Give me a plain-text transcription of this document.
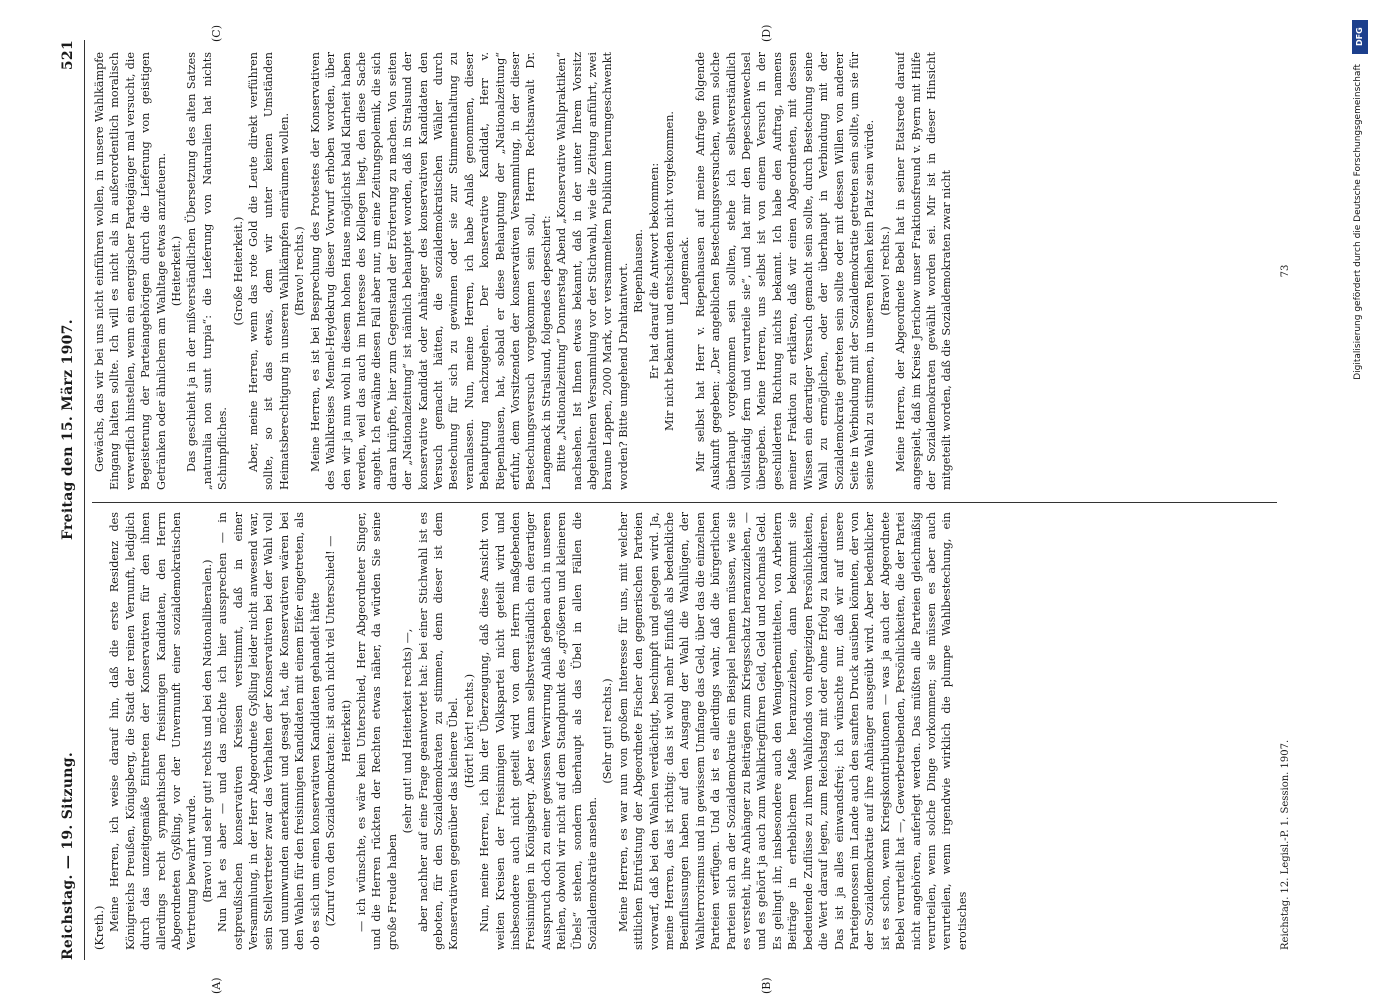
Reichstag. — 19. Sitzung.
Freitag den 15. März 1907.
521
(A)	(B)
(C)	(D)

(Kreth.) Meine Herren, ich weise darauf hin, daß die erste Residenz des Königreichs Preußen, Königsberg, die Stadt der reinen Vernunft, lediglich durch das unzeitgemäße Eintreten der Konservativen für den ihnen allerdings recht sympathischen freisinnigen Kandidaten, den Herrn Abgeordneten Gyßling, vor der Unvernunft einer sozialdemokratischen Vertretung bewahrt wurde. (Bravo! und sehr gut! rechts und bei den Nationalliberalen.) Nun hat es aber — und das möchte ich hier aussprechen — in ostpreußischen konservativen Kreisen verstimmt, daß in einer Versammlung, in der Herr Abgeordnete Gyßling leider nicht anwesend war, sein Stellvertreter zwar das Verhalten der Konservativen bei der Wahl voll und unumwunden anerkannt und gesagt hat, die Konservativen wären bei den Wahlen für den freisinnigen Kandidaten mit einem Eifer eingetreten, als ob es sich um einen konservativen Kandidaten gehandelt hätte (Zuruf von den Sozialdemokraten: ist auch nicht viel Unterschied! — Heiterkeit) — ich wünschte, es wäre kein Unterschied, Herr Abgeordneter Singer, und die Herren rückten der Rechten etwas näher, da würden Sie seine große Freude haben

(sehr gut! und Heiterkeit rechts) —, aber nachher auf eine Frage geantwortet hat: bei einer Stichwahl ist es geboten, für den Sozialdemokraten zu stimmen, denn dieser ist dem Konservativen gegenüber das kleinere Übel. (Hört! hört! rechts.) Nun, meine Herren, ich bin der Überzeugung, daß diese Ansicht von weiten Kreisen der Freisinnigen Volkspartei nicht geteilt wird und insbesondere auch nicht geteilt wird von dem Herrn maßgebenden Freisinnigen in Königsberg. Aber es kann selbstverständlich ein derartiger Ausspruch doch zu einer gewissen Verwirrung Anlaß geben auch in unseren Reihen, obwohl wir nicht auf dem Standpunkt des „größeren und kleineren Übels“ stehen, sondern überhaupt als das Übel in allen Fällen die Sozialdemokratie ansehen.

(Sehr gut! rechts.) Meine Herren, es war nun von großem Interesse für uns, mit welcher sittlichen Entrüstung der Abgeordnete Fischer den gegnerischen Parteien vorwarf, daß bei den Wahlen verdächtigt, beschimpft und gelogen wird. Ja, meine Herren, das ist richtig: das ist wohl mehr Einfluß als bedenkliche Beeinflussungen haben auf den Ausgang der Wahl die Wahllügen, der Wahlterrorismus und in gewissem Umfange das Geld, über das die einzelnen Parteien verfügen. Und da ist es allerdings wahr, daß die bürgerlichen Parteien sich an der Sozialdemokratie ein Beispiel nehmen müssen, wie sie es versteht, ihre Anhänger zu Beiträgen zum Kriegsschatz heranzuziehen, — und es gehört ja auch zum Wahlkriegführen Geld, Geld und nochmals Geld. Es gelingt ihr, insbesondere auch den Wenigerbemittelten, von Arbeitern Beiträge in erheblichem Maße heranzuziehen, dann bekommt sie bedeutende Zuflüsse zu ihrem Wahlfonds von ehrgeizigen Persönlichkeiten, die Wert darauf legen, zum Reichstag mit oder ohne Erfolg zu kandidieren. Das ist ja alles einwandsfrei; ich wünschte nur, daß wir auf unsere Parteigenossen im Lande auch den sanften Druck ausüben könnten, der von der Sozialdemokratie auf ihre Anhänger ausgeübt wird. Aber bedenklicher ist es schon, wenn Kriegskontributionen — was ja auch der Abgeordnete Bebel verurteilt hat —, Gewerbetreibenden, Persönlichkeiten, die der Partei nicht angehören, auferlegt werden. Das müßten alle Parteien gleichmäßig verurteilen, wenn solche Dinge vorkommen; sie müssen es aber auch verurteilen, wenn irgendwie wirklich die plumpe Wahlbestechung, ein erotisches

Gewächs, das wir bei uns nicht einführen wollen, in unsere Wahlkämpfe Eingang halten sollte. Ich will es nicht als in außerordentlich moralisch verwerflich hinstellen, wenn ein energischer Parteigänger mal versucht, die Begeisterung der Parteiangehörigen durch die Lieferung von geistigen Getränken oder ähnlichem am Wahltage etwas anzufeuern. (Heiterkeit.) Das geschieht ja in der mißverständlichen Übersetzung des alten Satzes „naturalia non sunt turpia“: die Lieferung von Naturalien hat nichts Schimpfliches.

(Große Heiterkeit.) Aber, meine Herren, wenn das rote Gold die Leute direkt verführen sollte, so ist das etwas, dem wir unter keinen Umständen Heimatsberechtigung in unseren Wahlkämpfen einräumen wollen. (Bravo! rechts.) Meine Herren, es ist bei Besprechung des Protestes der Konservativen des Wahlkreises Memel-Heydekrug dieser Vorwurf erhoben worden, über den wir ja nun wohl in diesem hohen Hause möglichst bald Klarheit haben werden, weil das auch im Interesse des Kollegen liegt, den diese Sache angeht. Ich erwähne diesen Fall aber nur, um eine Zeitungspolemik, die sich daran knüpfte, hier zum Gegenstand der Erörterung zu machen. Von seiten der „Nationalzeitung“ ist nämlich behauptet worden, daß in Stralsund der konservative Kandidat oder Anhänger des konservativen Kandidaten den Versuch gemacht hätten, die sozialdemokratischen Wähler durch Bestechung für sich zu gewinnen oder sie zur Stimmenthaltung zu veranlassen. Nun, meine Herren, ich habe Anlaß genommen, dieser Behauptung nachzugehen. Der konservative Kandidat, Herr v. Riepenhausen, hat, sobald er diese Behauptung der „Nationalzeitung“ erfuhr, dem Vorsitzenden der konservativen Versammlung, in der dieser Bestechungsversuch vorgekommen sein soll, Herrn Rechtsanwalt Dr. Langemack in Stralsund, folgendes depeschiert: Bitte „Nationalzeitung“ Donnerstag Abend „Konservative Wahlpraktiken“ nachsehen. Ist Ihnen etwas bekannt, daß in der unter Ihrem Vorsitz abgehaltenen Versammlung vor der Stichwahl, wie die Zeitung anführt, zwei braune Lappen, 2000 Mark, vor versammeltem Publikum herumgeschwenkt worden? Bitte umgehend Drahtantwort. Riepenhausen. Er hat darauf die Antwort bekommen: Mir nicht bekannt und entschieden nicht vorgekommen. Langemack. Mir selbst hat Herr v. Riepenhausen auf meine Anfrage folgende Auskunft gegeben: „Der angeblichen Bestechungsversuchen, wenn solche überhaupt vorgekommen sein sollten, stehe ich selbstverständlich vollständig fern und verurteile sie“, und hat mir den Depeschenwechsel übergeben. Meine Herren, uns selbst ist von einem Versuch in der geschilderten Richtung nichts bekannt. Ich habe den Auftrag, namens meiner Fraktion zu erklären, daß wir einen Abgeordneten, mit dessen Wissen ein derartiger Versuch gemacht sein sollte, durch Bestechung seine Wahl zu ermöglichen, oder der überhaupt in Verbindung mit der Sozialdemokratie getreten sein sollte oder mit dessen Willen von anderer Seite in Verbindung mit der Sozialdemokratie getreten sein sollte, um sie für seine Wahl zu stimmen, in unseren Reihen kein Platz sein würde. (Bravo! rechts.) Meine Herren, der Abgeordnete Bebel hat in seiner Etatsrede darauf angespielt, daß im Kreise Jerichow unser Fraktionsfreund v. Byern mit Hilfe der Sozialdemokraten gewählt worden sei. Mir ist in dieser Hinsicht mitgeteilt worden, daß die Sozialdemokraten zwar nicht

Reichstag. 12. Legisl.-P. 1. Session. 1907.
73
DFG
Digitalisierung gefördert durch die Deutsche Forschungsgemeinschaft
